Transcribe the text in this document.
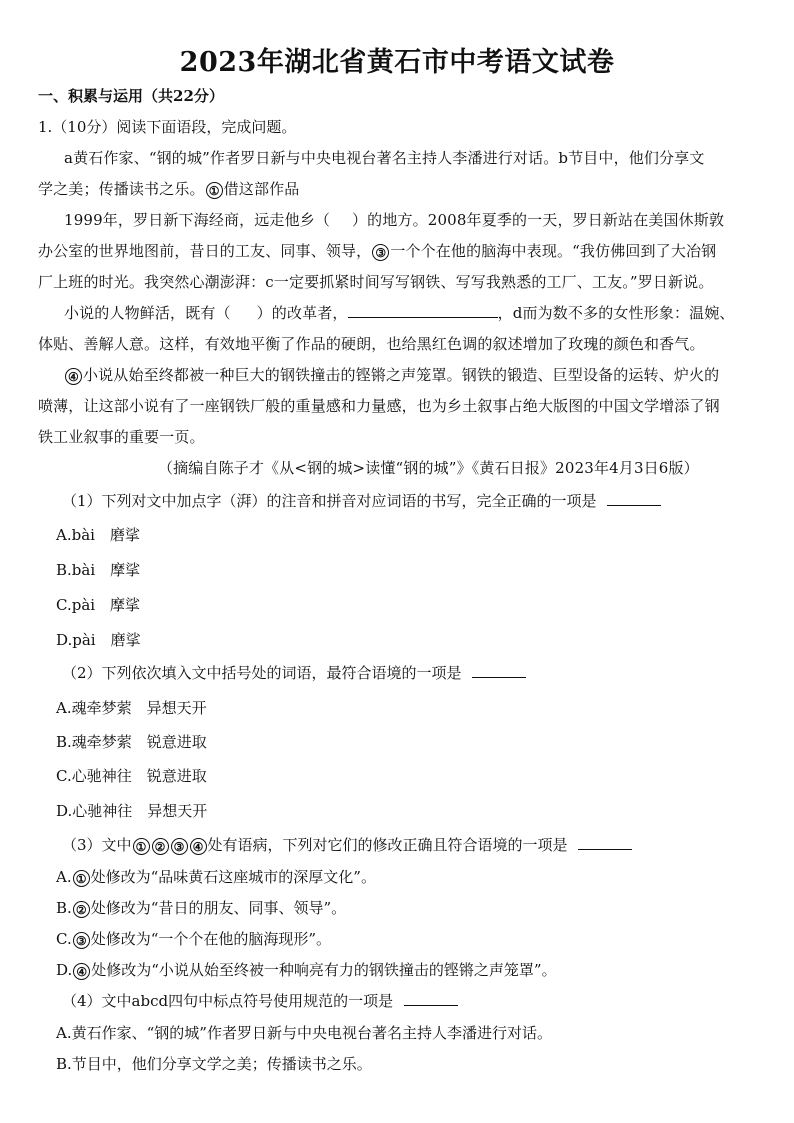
2023年湖北省黄石市中考语文试卷
一、积累与运用（共22分）
1.（10分）阅读下面语段，完成问题。
a黄石作家、“钢的城”作者罗日新与中央电视台著名主持人李潘进行对话。b节目中，他们分享文
学之美；传播读书之乐。 ① 借这部作品
1999年，罗日新下海经商，远走他乡（ ）的地方。2008年夏季的一天，罗日新站在美国休斯敦
办公室的世界地图前，昔日的工友、同事、领导， ③ 一个个在他的脑海中表现。“我仿佛回到了大冶钢
厂上班的时光。我突然心潮澎湃：c一定要抓紧时间写写钢铁、写写我熟悉的工厂、工友。”罗日新说。
小说的人物鲜活，既有（ ）的改革者，	，d而为数不多的女性形象：温婉、
体贴、善解人意。这样，有效地平衡了作品的硬朗，也给黑红色调的叙述增加了玫瑰的颜色和香气。
④ 小说从始至终都被一种巨大的钢铁撞击的铿锵之声笼罩。钢铁的锻造、巨型设备的运转、炉火的
喷薄，让这部小说有了一座钢铁厂般的重量感和力量感，也为乡土叙事占绝大版图的中国文学增添了钢
铁工业叙事的重要一页。
（摘编自陈子才《从<钢的城>读懂“钢的城”》《黄石日报》2023年4月3日6版）
（1）下列对文中加点字（湃）的注音和拼音对应词语的书写，完全正确的一项是
A.bài　磨挲
B.bài　摩挲
C.pài　摩挲
D.pài　磨挲
（2）下列依次填入文中括号处的词语，最符合语境的一项是
A.魂牵梦萦　异想天开
B.魂牵梦萦　锐意进取
C.心驰神往　锐意进取
D.心驰神往　异想天开
（3）文中 ① ② ③ ④ 处有语病，下列对它们的修改正确且符合语境的一项是
A. ① 处修改为“品味黄石这座城市的深厚文化”。
B. ② 处修改为“昔日的朋友、同事、领导”。
C. ③ 处修改为“一个个在他的脑海现形”。
D. ④ 处修改为“小说从始至终被一种响亮有力的钢铁撞击的铿锵之声笼罩”。
（4）文中abcd四句中标点符号使用规范的一项是
A.黄石作家、“钢的城”作者罗日新与中央电视台著名主持人李潘进行对话。
B.节目中，他们分享文学之美；传播读书之乐。
